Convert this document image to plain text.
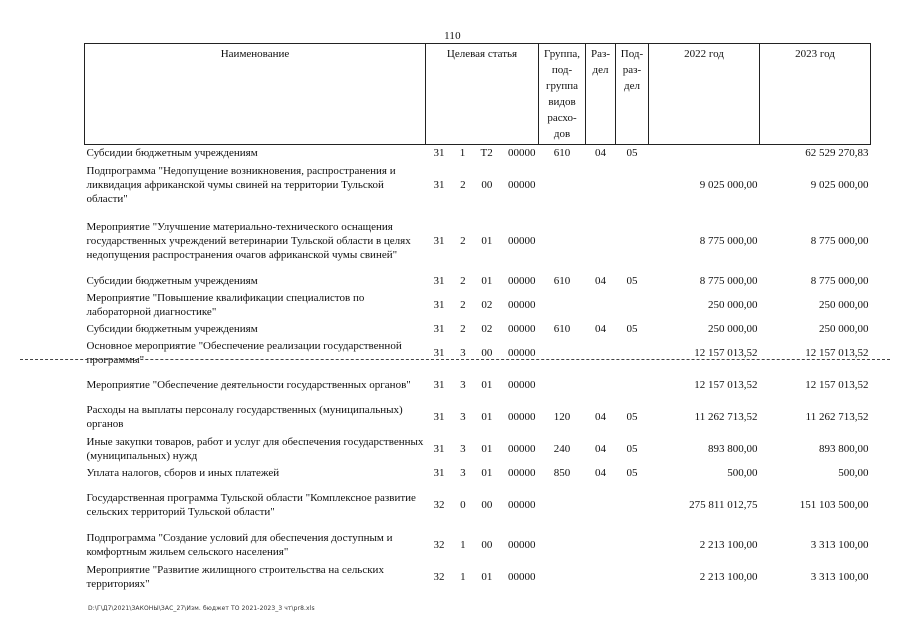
110
Наименование	Целевая статья	Группа, под-группа видов расхо-дов	Раз-дел	Под-раз-дел	2022 год	2023 год
Субсидии бюджетным учреждениям	31 1 Т2 00000	610	04	05		62 529 270,83
Подпрограмма "Недопущение возникновения, распространения и ликвидация африканской чумы свиней на территории Тульской области"	31 2 00 00000				9 025 000,00	9 025 000,00
Мероприятие "Улучшение материально-технического оснащения государственных учреждений ветеринарии Тульской области в целях недопущения распространения очагов африканской чумы свиней"	31 2 01 00000				8 775 000,00	8 775 000,00
Субсидии бюджетным учреждениям	31 2 01 00000	610	04	05	8 775 000,00	8 775 000,00
Мероприятие "Повышение квалификации специалистов по лабораторной диагностике"	31 2 02 00000				250 000,00	250 000,00
Субсидии бюджетным учреждениям	31 2 02 00000	610	04	05	250 000,00	250 000,00
Основное мероприятие "Обеспечение реализации государственной программы"	31 3 00 00000				12 157 013,52	12 157 013,52
Мероприятие "Обеспечение деятельности государственных органов"	31 3 01 00000				12 157 013,52	12 157 013,52
Расходы на выплаты персоналу государственных (муниципальных) органов	31 3 01 00000	120	04	05	11 262 713,52	11 262 713,52
Иные закупки товаров, работ и услуг для обеспечения государственных (муниципальных) нужд	31 3 01 00000	240	04	05	893 800,00	893 800,00
Уплата налогов, сборов и иных платежей	31 3 01 00000	850	04	05	500,00	500,00
Государственная программа Тульской области "Комплексное развитие сельских территорий Тульской области"	32 0 00 00000				275 811 012,75	151 103 500,00
Подпрограмма "Создание условий для обеспечения доступным и комфортным жильем сельского населения"	32 1 00 00000				2 213 100,00	3 313 100,00
Мероприятие "Развитие жилищного строительства на сельских территориях"	32 1 01 00000				2 213 100,00	3 313 100,00
D:\Г\Д7\2021\ЗАКОНЫ\ЗАС_27\Изм. бюджет ТО 2021-2023_3 чт\pr8.xls
